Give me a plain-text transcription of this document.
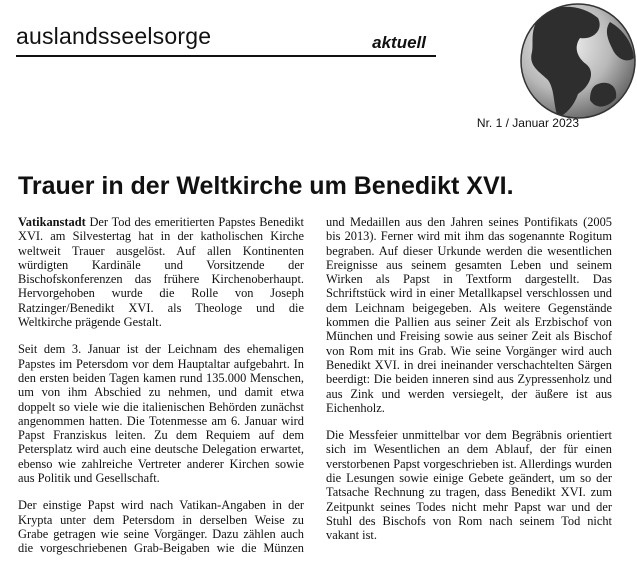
auslandsseelsorge	aktuell
Nr. 1 / Januar 2023
Trauer in der Weltkirche um Benedikt XVI.

Vatikanstadt Der Tod des emeritierten Papstes Benedikt XVI. am Silvestertag hat in der katholischen Kirche weltweit Trauer ausgelöst. Auf allen Kontinenten würdigten Kardinäle und Vorsitzende der Bischofskonferenzen das frühere Kirchenoberhaupt. Hervorgehoben wurde die Rolle von Joseph Ratzinger/Benedikt XVI. als Theologe und die Weltkirche prägende Gestalt.

Seit dem 3. Januar ist der Leichnam des ehemaligen Papstes im Petersdom vor dem Hauptaltar aufgebahrt. In den ersten beiden Tagen kamen rund 135.000 Menschen, um von ihm Abschied zu nehmen, und damit etwa doppelt so viele wie die italienischen Behörden zunächst angenommen hatten. Die Totenmesse am 6. Januar wird Papst Franziskus leiten. Zu dem Requiem auf dem Petersplatz wird auch eine deutsche Delegation erwartet, ebenso wie zahlreiche Vertreter anderer Kirchen sowie aus Politik und Gesellschaft.

Der einstige Papst wird nach Vatikan-Angaben in der Krypta unter dem Petersdom in derselben Weise zu Grabe getragen wie seine Vorgänger. Dazu zählen auch die vorgeschriebenen Grab-Beigaben wie die Münzen

und Medaillen aus den Jahren seines Pontifikats (2005 bis 2013). Ferner wird mit ihm das sogenannte Rogitum begraben. Auf dieser Urkunde werden die wesentlichen Ereignisse aus seinem gesamten Leben und seinem Wirken als Papst in Textform dargestellt. Das Schriftstück wird in einer Metallkapsel verschlossen und dem Leichnam beigegeben. Als weitere Gegenstände kommen die Pallien aus seiner Zeit als Erzbischof von München und Freising sowie aus seiner Zeit als Bischof von Rom mit ins Grab. Wie seine Vorgänger wird auch Benedikt XVI. in drei ineinander verschachtelten Särgen beerdigt: Die beiden inneren sind aus Zypressenholz und aus Zink und werden versiegelt, der äußere ist aus Eichenholz.

Die Messfeier unmittelbar vor dem Begräbnis orientiert sich im Wesentlichen an dem Ablauf, der für einen verstorbenen Papst vorgeschrieben ist. Allerdings wurden die Lesungen sowie einige Gebete geändert, um so der Tatsache Rechnung zu tragen, dass Benedikt XVI. zum Zeitpunkt seines Todes nicht mehr Papst war und der Stuhl des Bischofs von Rom nach seinem Tod nicht vakant ist.
